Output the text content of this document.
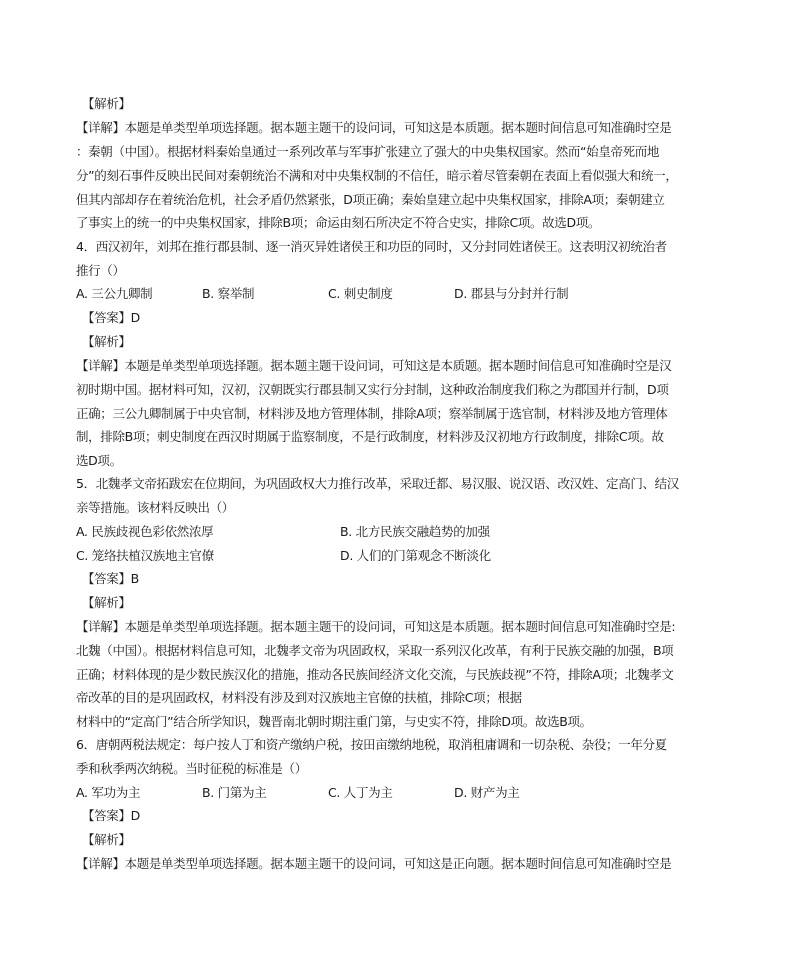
【解析】
【详解】本题是单类型单项选择题。据本题主题干的设问词，可知这是本质题。据本题时间信息可知准确时空是
：秦朝（中国）。根据材料秦始皇通过一系列改革与军事扩张建立了强大的中央集权国家。然而“始皇帝死而地
分”的刻石事件反映出民间对秦朝统治不满和对中央集权制的不信任，暗示着尽管秦朝在表面上看似强大和统一，
但其内部却存在着统治危机，社会矛盾仍然紧张，D项正确；秦始皇建立起中央集权国家，排除A项；秦朝建立
了事实上的统一的中央集权国家，排除B项；命运由刻石所决定不符合史实，排除C项。故选D项。
4．西汉初年，刘邦在推行郡县制、逐一消灭异姓诸侯王和功臣的同时，又分封同姓诸侯王。这表明汉初统治者
推行（）
A. 三公九卿制	B. 察举制	C. 刺史制度	D. 郡县与分封并行制
【答案】D
【解析】
【详解】本题是单类型单项选择题。据本题主题干设问词，可知这是本质题。据本题时间信息可知准确时空是汉
初时期中国。据材料可知，汉初，汉朝既实行郡县制又实行分封制，这种政治制度我们称之为郡国并行制，D项
正确；三公九卿制属于中央官制，材料涉及地方管理体制，排除A项；察举制属于选官制，材料涉及地方管理体
制，排除B项；刺史制度在西汉时期属于监察制度，不是行政制度，材料涉及汉初地方行政制度，排除C项。故
选D项。
5．北魏孝文帝拓跋宏在位期间，为巩固政权大力推行改革，采取迁都、易汉服、说汉语、改汉姓、定高门、结汉
亲等措施。该材料反映出（）
A. 民族歧视色彩依然浓厚	B. 北方民族交融趋势的加强
C. 笼络扶植汉族地主官僚	D. 人们的门第观念不断淡化
【答案】B
【解析】
【详解】本题是单类型单项选择题。据本题主题干的设问词，可知这是本质题。据本题时间信息可知准确时空是:
北魏（中国）。根据材料信息可知，北魏孝文帝为巩固政权，采取一系列汉化改革，有利于民族交融的加强，B项
正确；材料体现的是少数民族汉化的措施，推动各民族间经济文化交流，与民族歧视”不符，排除A项；北魏孝文
帝改革的目的是巩固政权，材料没有涉及到对汉族地主官僚的扶植，排除C项；根据
材料中的“定高门”结合所学知识，魏晋南北朝时期注重门第，与史实不符，排除D项。故选B项。
6．唐朝两税法规定：每户按人丁和资产缴纳户税，按田亩缴纳地税，取消租庸调和一切杂税、杂役；一年分夏
季和秋季两次纳税。当时征税的标准是（）
A. 军功为主	B. 门第为主	C. 人丁为主	D. 财产为主
【答案】D
【解析】
【详解】本题是单类型单项选择题。据本题主题干的设问词，可知这是正向题。据本题时间信息可知准确时空是
